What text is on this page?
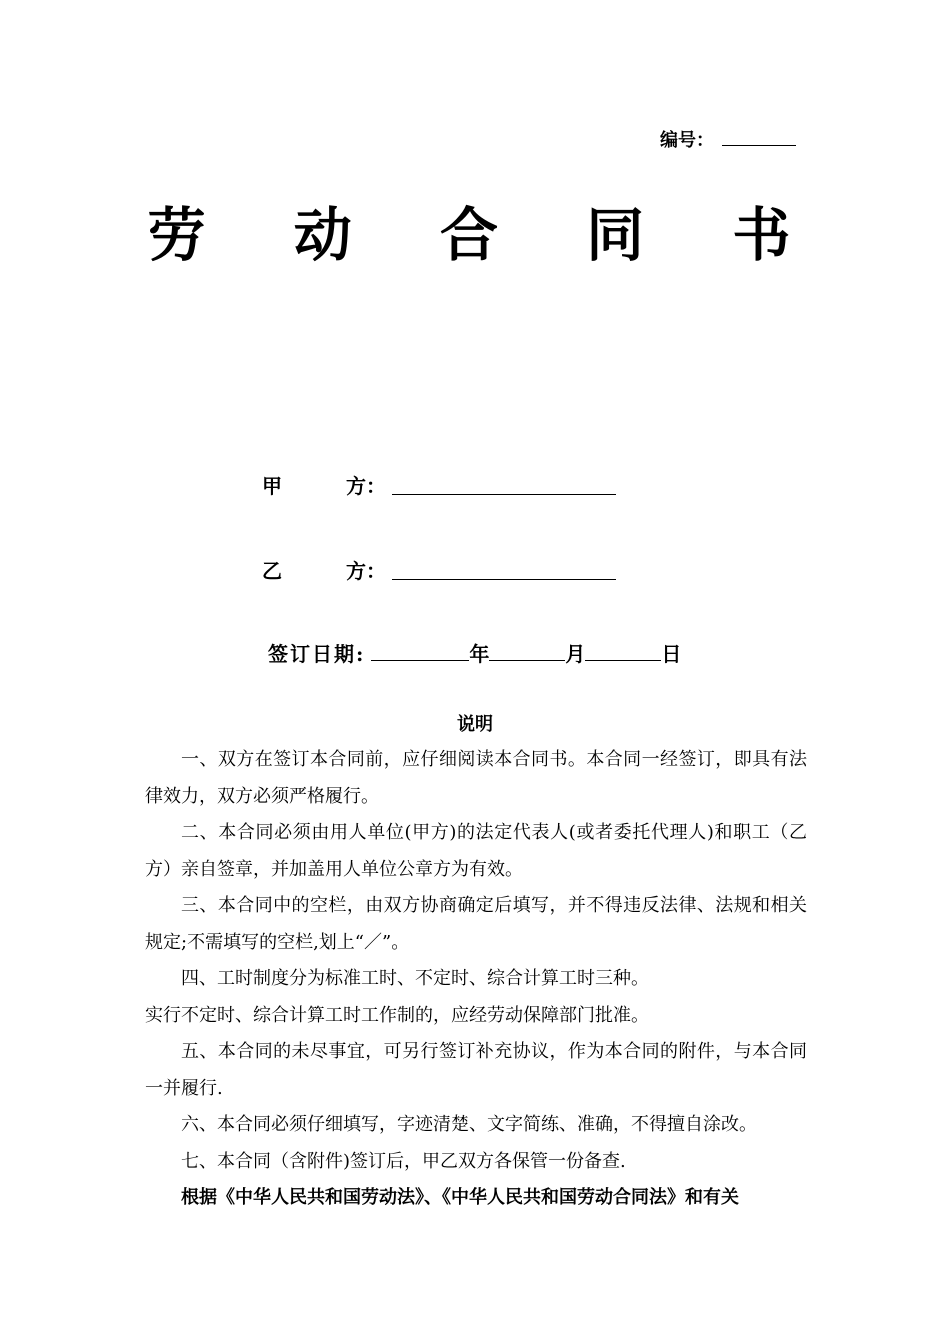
编号：
劳 动 合 同 书
甲	方：
乙	方：
签订日期:	年	月	日
说明

一、双方在签订本合同前，应仔细阅读本合同书。本合同一经签订，即具有法律效力，双方必须严格履行。

二、本合同必须由用人单位(甲方)的法定代表人(或者委托代理人)和职工（乙方）亲自签章，并加盖用人单位公章方为有效。

三、本合同中的空栏，由双方协商确定后填写，并不得违反法律、法规和相关规定;不需填写的空栏,划上“／”。

四、工时制度分为标准工时、不定时、综合计算工时三种。

实行不定时、综合计算工时工作制的，应经劳动保障部门批准。

五、本合同的未尽事宜，可另行签订补充协议，作为本合同的附件，与本合同一并履行.

六、本合同必须仔细填写，字迹清楚、文字简练、准确，不得擅自涂改。

七、本合同（含附件)签订后，甲乙双方各保管一份备查.

根据《中华人民共和国劳动法》、《中华人民共和国劳动合同法》和有关
